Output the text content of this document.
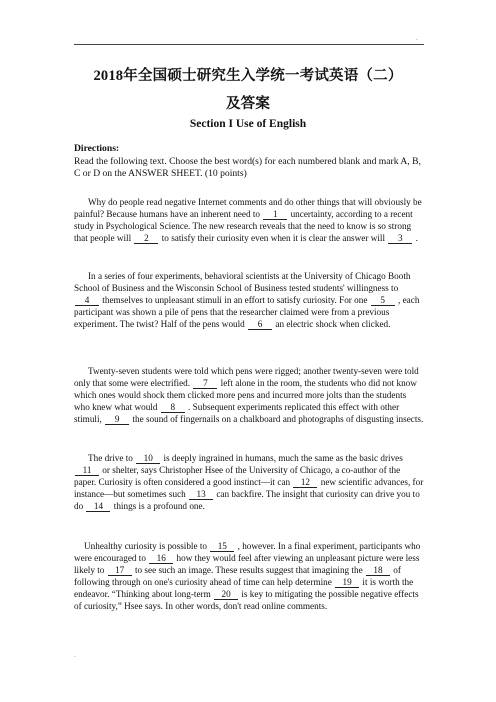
.
2018年全国硕士研究生入学统一考试英语（二）
及答案
Section I Use of English
Directions:
Read the following text. Choose the best word(s) for each numbered blank and mark A, B, C or D on the ANSWER SHEET. (10 points)
Why do people read negative Internet comments and do other things that will obviously be painful? Because humans have an inherent need to 1 uncertainty, according to a recent study in Psychological Science. The new research reveals that the need to know is so strong that people will 2 to satisfy their curiosity even when it is clear the answer will 3 .
In a series of four experiments, behavioral scientists at the University of Chicago Booth School of Business and the Wisconsin School of Business tested students' willingness to 4 themselves to unpleasant stimuli in an effort to satisfy curiosity. For one 5 , each participant was shown a pile of pens that the researcher claimed were from a previous experiment. The twist? Half of the pens would 6 an electric shock when clicked.
Twenty-seven students were told which pens were rigged; another twenty-seven were told only that some were electrified. 7 left alone in the room, the students who did not know which ones would shock them clicked more pens and incurred more jolts than the students who knew what would 8 . Subsequent experiments replicated this effect with other stimuli, 9 the sound of fingernails on a chalkboard and photographs of disgusting insects.
The drive to 10 is deeply ingrained in humans, much the same as the basic drives 11 or shelter, says Christopher Hsee of the University of Chicago, a co-author of the paper. Curiosity is often considered a good instinct—it can 12 new scientific advances, for instance—but sometimes such 13 can backfire. The insight that curiosity can drive you to do 14 things is a profound one.
Unhealthy curiosity is possible to 15 , however. In a final experiment, participants who were encouraged to 16 how they would feel after viewing an unpleasant picture were less likely to 17 to see such an image. These results suggest that imagining the 18 of following through on one's curiosity ahead of time can help determine 19 it is worth the endeavor. “Thinking about long-term 20 is key to mitigating the possible negative effects of curiosity,” Hsee says. In other words, don't read online comments.
.
